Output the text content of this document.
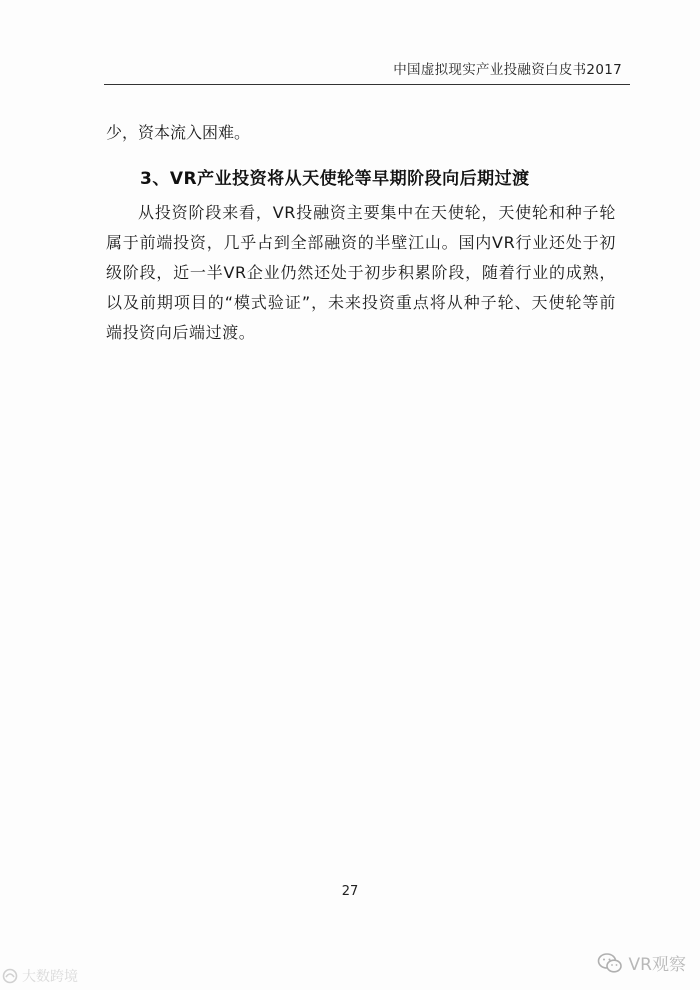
中国虚拟现实产业投融资白皮书2017
少，资本流入困难。
3、VR产业投资将从天使轮等早期阶段向后期过渡
从投资阶段来看，VR投融资主要集中在天使轮，天使轮和种子轮属于前端投资，几乎占到全部融资的半壁江山。国内VR行业还处于初级阶段，近一半VR企业仍然还处于初步积累阶段，随着行业的成熟，以及前期项目的“模式验证”，未来投资重点将从种子轮、天使轮等前端投资向后端过渡。
27
大数跨境
VR观察
